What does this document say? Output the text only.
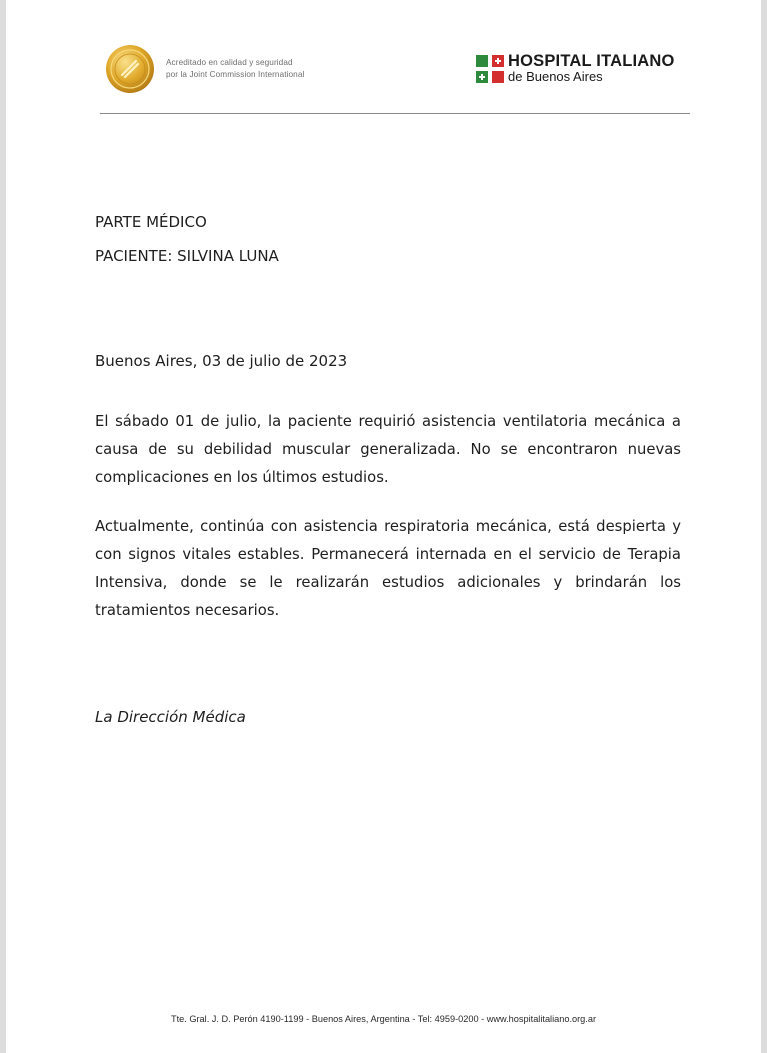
Acreditado en calidad y seguridad
por la Joint Commission International
HOSPITAL ITALIANO
de Buenos Aires
PARTE MÉDICO
PACIENTE: SILVINA LUNA
Buenos Aires, 03 de julio de 2023
El sábado 01 de julio, la paciente requirió asistencia ventilatoria mecánica a causa de su debilidad muscular generalizada. No se encontraron nuevas complicaciones en los últimos estudios.
Actualmente, continúa con asistencia respiratoria mecánica, está despierta y con signos vitales estables. Permanecerá internada en el servicio de Terapia Intensiva, donde se le realizarán estudios adicionales y brindarán los tratamientos necesarios.
La Dirección Médica
Tte. Gral. J. D. Perón 4190-1199 - Buenos Aires, Argentina - Tel: 4959-0200 - www.hospitalitaliano.org.ar
